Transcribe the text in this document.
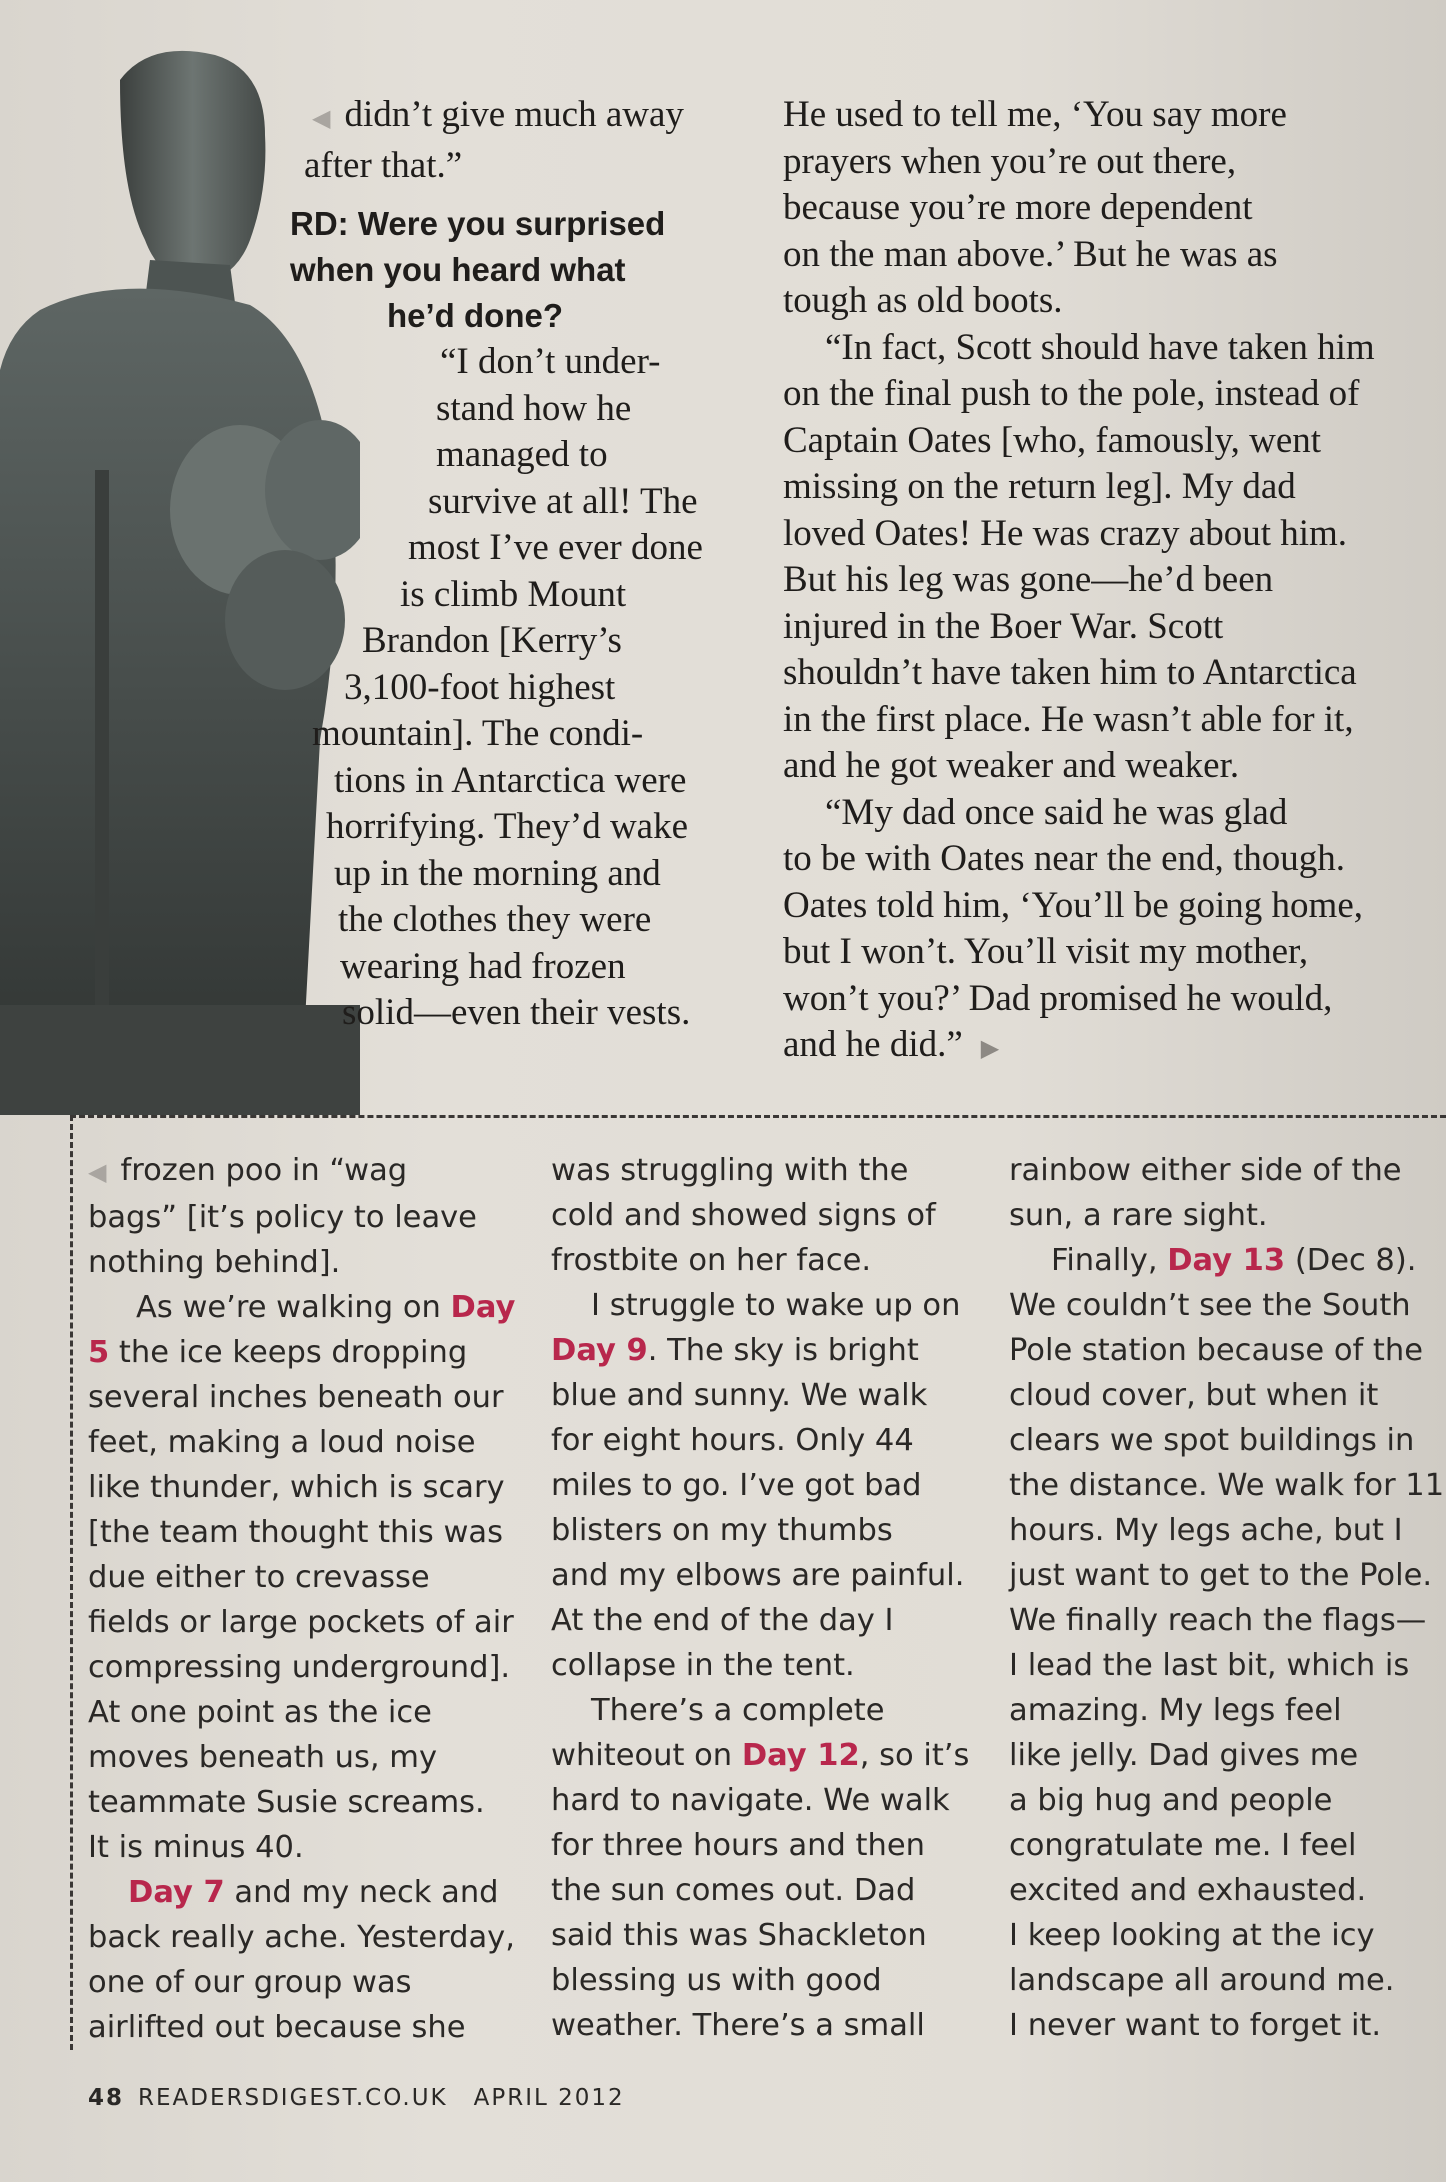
◀ didn’t give much away
after that.”
RD: Were you surprised
when you heard what
he’d done?
“I don’t under-
stand how he
managed to
survive at all! The
most I’ve ever done
is climb Mount
Brandon [Kerry’s
3,100-foot highest
mountain]. The condi-
tions in Antarctica were
horrifying. They’d wake
up in the morning and
the clothes they were
wearing had frozen
solid—even their vests.
He used to tell me, ‘You say more
prayers when you’re out there,
because you’re more dependent
on the man above.’ But he was as
tough as old boots.
“In fact, Scott should have taken him
on the final push to the pole, instead of
Captain Oates [who, famously, went
missing on the return leg]. My dad
loved Oates! He was crazy about him.
But his leg was gone—he’d been
injured in the Boer War. Scott
shouldn’t have taken him to Antarctica
in the first place. He wasn’t able for it,
and he got weaker and weaker.
“My dad once said he was glad
to be with Oates near the end, though.
Oates told him, ‘You’ll be going home,
but I won’t. You’ll visit my mother,
won’t you?’ Dad promised he would,
and he did.” ▶
◀ frozen poo in “wag
bags” [it’s policy to leave
nothing behind].
As we’re walking on Day
5 the ice keeps dropping
several inches beneath our
feet, making a loud noise
like thunder, which is scary
[the team thought this was
due either to crevasse
fields or large pockets of air
compressing underground].
At one point as the ice
moves beneath us, my
teammate Susie screams.
It is minus 40.
Day 7 and my neck and
back really ache. Yesterday,
one of our group was
airlifted out because she
was struggling with the
cold and showed signs of
frostbite on her face.
I struggle to wake up on
Day 9. The sky is bright
blue and sunny. We walk
for eight hours. Only 44
miles to go. I’ve got bad
blisters on my thumbs
and my elbows are painful.
At the end of the day I
collapse in the tent.
There’s a complete
whiteout on Day 12, so it’s
hard to navigate. We walk
for three hours and then
the sun comes out. Dad
said this was Shackleton
blessing us with good
weather. There’s a small
rainbow either side of the
sun, a rare sight.
Finally, Day 13 (Dec 8).
We couldn’t see the South
Pole station because of the
cloud cover, but when it
clears we spot buildings in
the distance. We walk for 11
hours. My legs ache, but I
just want to get to the Pole.
We finally reach the flags—
I lead the last bit, which is
amazing. My legs feel
like jelly. Dad gives me
a big hug and people
congratulate me. I feel
excited and exhausted.
I keep looking at the icy
landscape all around me.
I never want to forget it.
48 READERSDIGEST.CO.UK APRIL 2012
